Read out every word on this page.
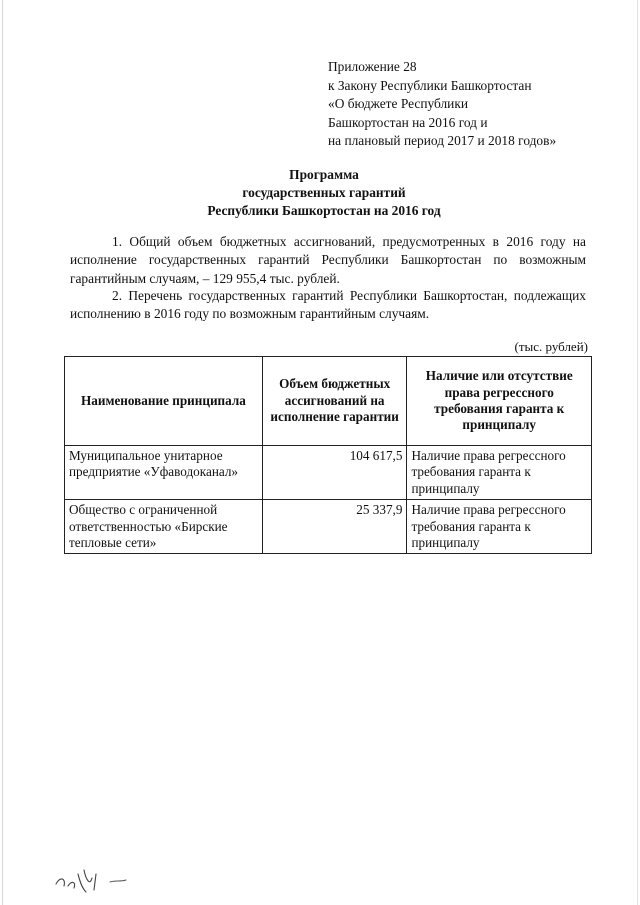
Приложение 28
к Закону Республики Башкортостан
«О бюджете Республики
Башкортостан на 2016 год и
на плановый период 2017 и 2018 годов»
Программа
государственных гарантий
Республики Башкортостан на 2016 год
1. Общий объем бюджетных ассигнований, предусмотренных в 2016 году на исполнение государственных гарантий Республики Башкортостан по возможным гарантийным случаям, – 129 955,4 тыс. рублей.
2. Перечень государственных гарантий Республики Башкортостан, подлежащих исполнению в 2016 году по возможным гарантийным случаям.
(тыс. рублей)
Наименование принципала	Объем бюджетных ассигнований на исполнение гарантии	Наличие или отсутствие права регрессного требования гаранта к принципалу
Муниципальное унитарное предприятие «Уфаводоканал»	104 617,5	Наличие права регрессного требования гаранта к принципалу
Общество с ограниченной ответственностью «Бирские тепловые сети»	25 337,9	Наличие права регрессного требования гаранта к принципалу
